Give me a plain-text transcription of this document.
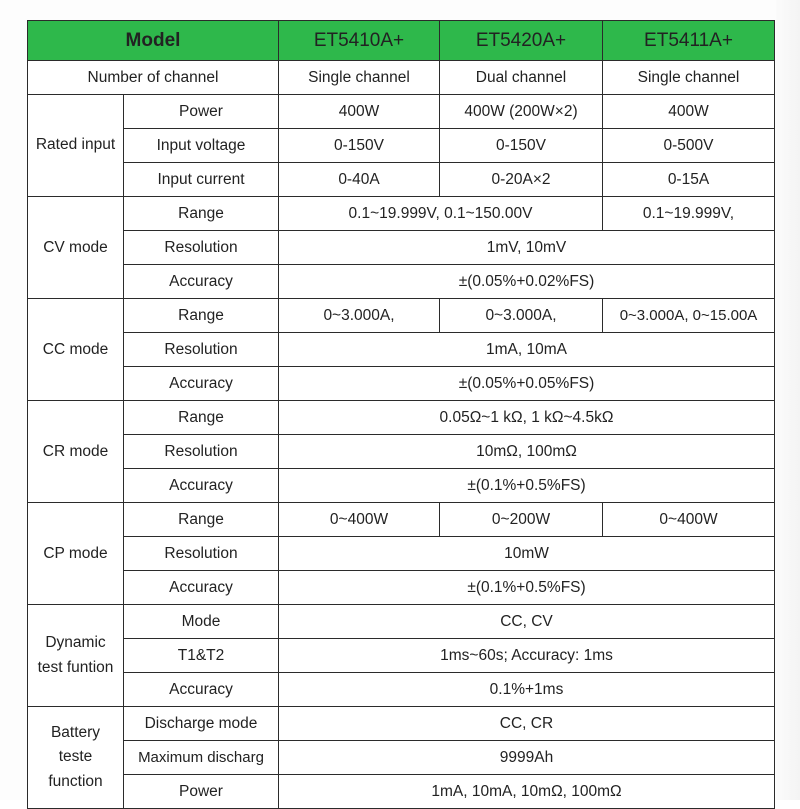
Model		ET5410A+	ET5420A+	ET5411A+
Number of channel		Single channel	Dual channel	Single channel
Rated input	Power	400W	400W (200W×2)	400W
	Input voltage	0-150V	0-150V	0-500V
	Input current	0-40A	0-20A×2	0-15A
CV mode	Range	0.1~19.999V, 0.1~150.00V		0.1~19.999V,
	Resolution	1mV, 10mV		
	Accuracy	±(0.05%+0.02%FS)		
CC mode	Range	0~3.000A,	0~3.000A,	0~3.000A, 0~15.00A
	Resolution	1mA, 10mA		
	Accuracy	±(0.05%+0.05%FS)		
CR mode	Range	0.05Ω~1 kΩ, 1 kΩ~4.5kΩ		
	Resolution	10mΩ, 100mΩ		
	Accuracy	±(0.1%+0.5%FS)		
CP mode	Range	0~400W	0~200W	0~400W
	Resolution	10mW		
	Accuracy	±(0.1%+0.5%FS)		

Dynamic
test funtion	Mode	CC, CV		
	T1&T2	1ms~60s; Accuracy: 1ms		
	Accuracy	0.1%+1ms		

Battery
teste
function	Discharge mode	CC, CR		
	Maximum discharg	9999Ah		
	Power	1mA, 10mA, 10mΩ, 100mΩ		
